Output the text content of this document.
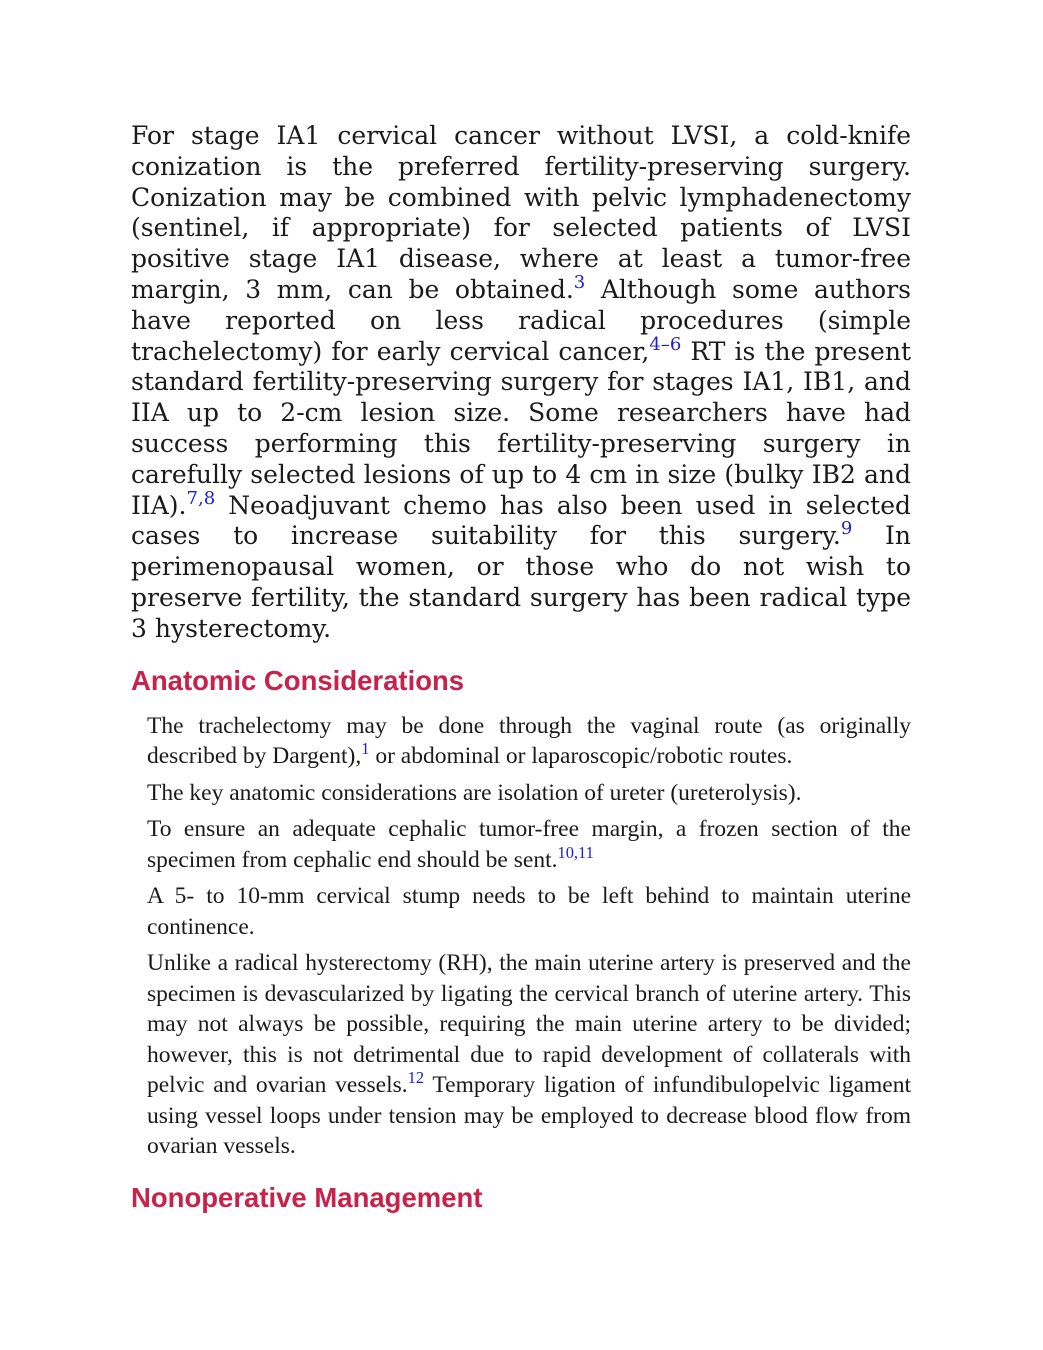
For stage IA1 cervical cancer without LVSI, a cold-knife conization is the preferred fertility-preserving surgery. Conization may be combined with pelvic lymphadenectomy (sentinel, if appropriate) for selected patients of LVSI positive stage IA1 disease, where at least a tumor-free margin, 3 mm, can be obtained.$^3$ Although some authors have reported on less radical procedures (simple trachelectomy) for early cervical cancer,$^{4-6}$ RT is the present standard fertility-preserving surgery for stages IA1, IB1, and IIA up to 2-cm lesion size. Some researchers have had success performing this fertility-preserving surgery in carefully selected lesions of up to 4 cm in size (bulky IB2 and IIA).$^{7,8}$ Neoadjuvant chemo has also been used in selected cases to increase suitability for this surgery.$^9$ In perimenopausal women, or those who do not wish to preserve fertility, the standard surgery has been radical type 3 hysterectomy.

Anatomic Considerations
The trachelectomy may be done through the vaginal route (as originally described by Dargent),$^1$ or abdominal or laparoscopic/robotic routes.
The key anatomic considerations are isolation of ureter (ureterolysis).
To ensure an adequate cephalic tumor-free margin, a frozen section of the specimen from cephalic end should be sent.$^{10,11}$
A 5- to 10-mm cervical stump needs to be left behind to maintain uterine continence.
Unlike a radical hysterectomy (RH), the main uterine artery is preserved and the specimen is devascularized by ligating the cervical branch of uterine artery. This may not always be possible, requiring the main uterine artery to be divided; however, this is not detrimental due to rapid development of collaterals with pelvic and ovarian vessels.$^{12}$ Temporary ligation of infundibulopelvic ligament using vessel loops under tension may be employed to decrease blood flow from ovarian vessels.
Nonoperative Management
